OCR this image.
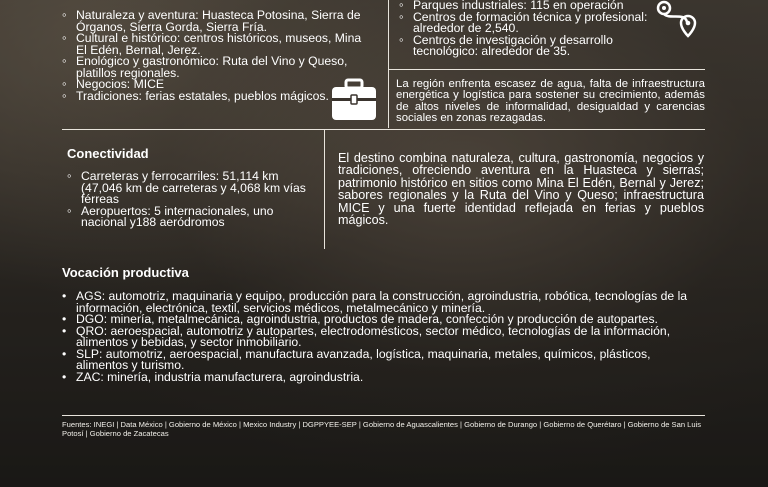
◦ Naturaleza y aventura: Huasteca Potosina, Sierra de Órganos, Sierra Gorda, Sierra Fría.
◦ Cultural e histórico: centros históricos, museos, Mina El Edén, Bernal, Jerez.
◦ Enológico y gastronómico: Ruta del Vino y Queso, platillos regionales.
◦ Negocios: MICE
◦ Tradiciones: ferias estatales, pueblos mágicos.
◦ Parques industriales: 115 en operación
◦ Centros de formación técnica y profesional: alrededor de 2,540.
◦ Centros de investigación y desarrollo tecnológico: alrededor de 35.

La región enfrenta escasez de agua, falta de infraestructura energética y logística para sostener su crecimiento, además de altos niveles de informalidad, desigualdad y carencias sociales en zonas rezagadas.

Conectividad
◦ Carreteras y ferrocarriles: 51,114 km (47,046 km de carreteras y 4,068 km vías férreas
◦ Aeropuertos: 5 internacionales, uno nacional y188 aeródromos

El destino combina naturaleza, cultura, gastronomía, negocios y tradiciones, ofreciendo aventura en la Huasteca y sierras; patrimonio histórico en sitios como Mina El Edén, Bernal y Jerez; sabores regionales y la Ruta del Vino y Queso; infraestructura MICE y una fuerte identidad reflejada en ferias y pueblos mágicos.

Vocación productiva
• AGS: automotriz, maquinaria y equipo, producción para la construcción, agroindustria, robótica, tecnologías de la información, electrónica, textil, servicios médicos, metalmecánico y minería.
• DGO: minería, metalmecánica, agroindustria, productos de madera, confección y producción de autopartes.
• QRO: aeroespacial, automotriz y autopartes, electrodomésticos, sector médico, tecnologías de la información, alimentos y bebidas, y sector inmobiliario.
• SLP: automotriz, aeroespacial, manufactura avanzada, logística, maquinaria, metales, químicos, plásticos, alimentos y turismo.
• ZAC: minería, industria manufacturera, agroindustria.

Fuentes: INEGI | Data México | Gobierno de México | Mexico Industry | DGPPYEE-SEP | Gobierno de Aguascalientes | Gobierno de Durango | Gobierno de Querétaro | Gobierno de San Luis Potosí | Gobierno de Zacatecas
